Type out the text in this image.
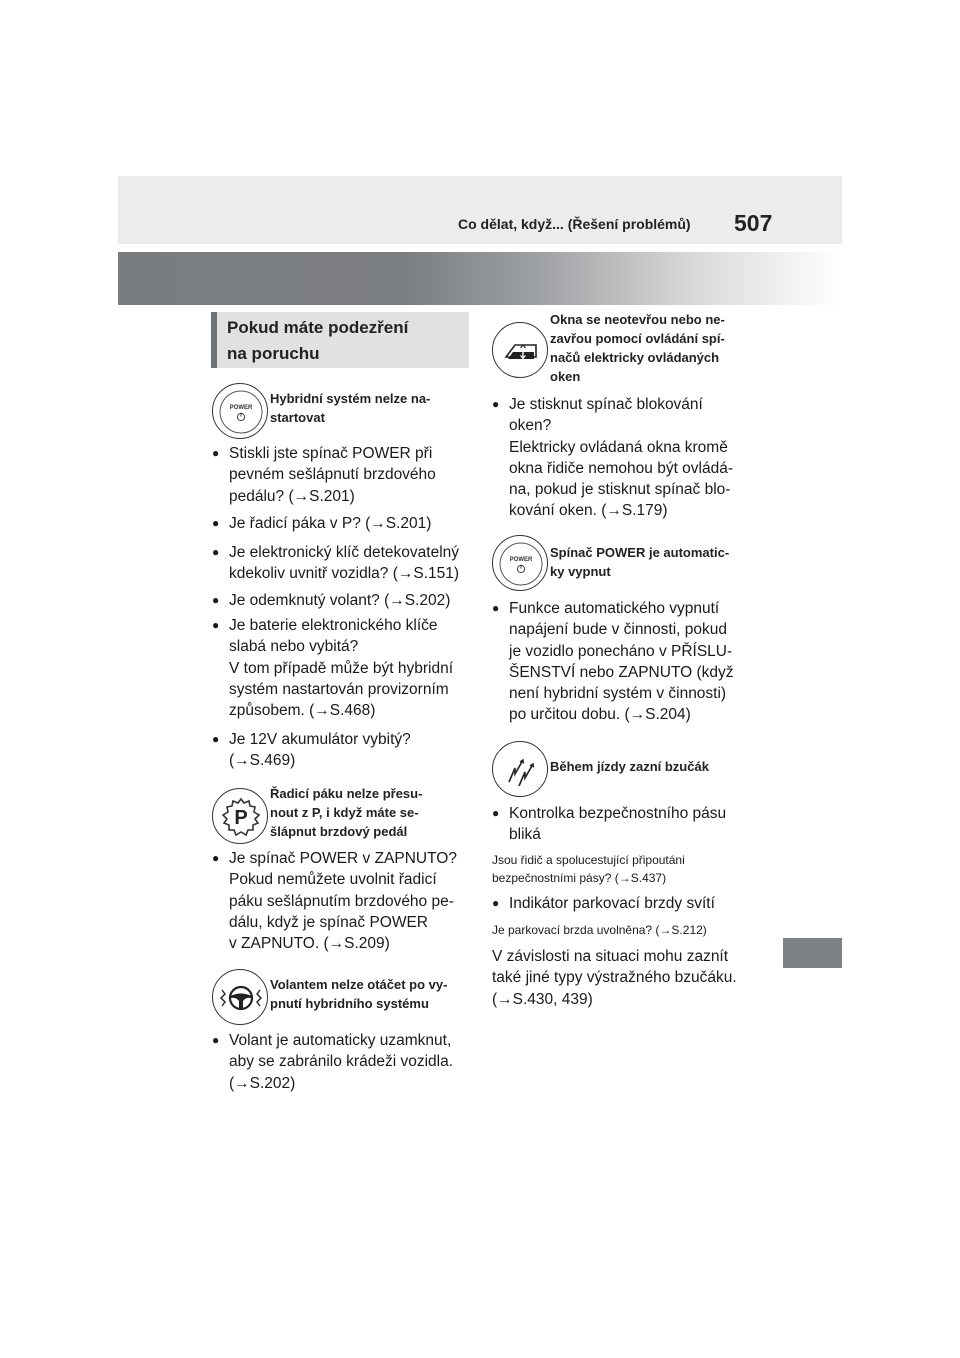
Co dělat, když... (Řešení problémů) 507
Pokud máte podezření
na poruchu
POWER
Hybridní systém nelze na-
startovat
● Stiskli jste spínač POWER při
pevném sešlápnutí brzdového
pedálu? (→S.201)
● Je řadicí páka v P? (→S.201)
● Je elektronický klíč detekovatelný
kdekoliv uvnitř vozidla? (→S.151)
● Je odemknutý volant? (→S.202)
● Je baterie elektronického klíče
slabá nebo vybitá?
V tom případě může být hybridní
systém nastartován provizorním
způsobem. (→S.468)
● Je 12V akumulátor vybitý?
(→S.469)
P
Řadicí páku nelze přesu-
nout z P, i když máte se-
šlápnut brzdový pedál
● Je spínač POWER v ZAPNUTO?
Pokud nemůžete uvolnit řadicí
páku sešlápnutím brzdového pe-
dálu, když je spínač POWER
v ZAPNUTO. (→S.209)
Volantem nelze otáčet po vy-
pnutí hybridního systému
● Volant je automaticky uzamknut,
aby se zabránilo krádeži vozidla.
(→S.202)
Okna se neotevřou nebo ne-
zavřou pomocí ovládání spí-
načů elektricky ovládaných
oken
● Je stisknut spínač blokování
oken?
Elektricky ovládaná okna kromě
okna řidiče nemohou být ovládá-
na, pokud je stisknut spínač blo-
kování oken. (→S.179)
POWER Spínač POWER je automatic-
ky vypnut
● Funkce automatického vypnutí
napájení bude v činnosti, pokud
je vozidlo ponecháno v PŘÍSLU-
ŠENSTVÍ nebo ZAPNUTO (když
není hybridní systém v činnosti)
po určitou dobu. (→S.204)
Během jízdy zazní bzučák
● Kontrolka bezpečnostního pásu
bliká
Jsou řidič a spolucestující připoutáni
bezpečnostními pásy? (→S.437)
● Indikátor parkovací brzdy svítí
Je parkovací brzda uvolněna? (→S.212)
V závislosti na situaci mohu zaznít
také jiné typy výstražného bzučáku.
(→S.430, 439)
